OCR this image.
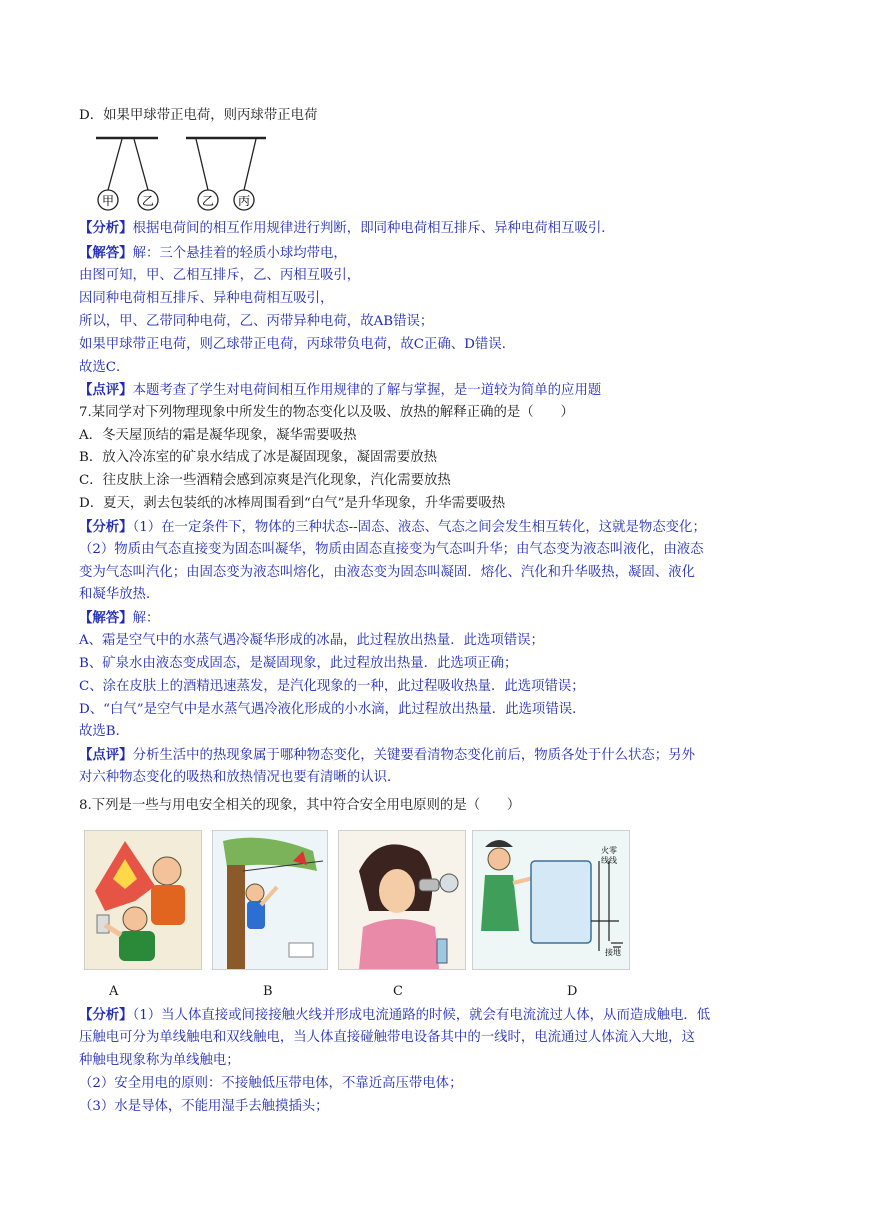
D．如果甲球带正电荷，则丙球带正电荷
甲 乙	乙 丙
【分析】根据电荷间的相互作用规律进行判断，即同种电荷相互排斥、异种电荷相互吸引．
【解答】解：三个悬挂着的轻质小球均带电，
由图可知，甲、乙相互排斥，乙、丙相互吸引，
因同种电荷相互排斥、异种电荷相互吸引，
所以，甲、乙带同种电荷，乙、丙带异种电荷，故AB错误；
如果甲球带正电荷，则乙球带正电荷，丙球带负电荷，故C正确、D错误．
故选C．
【点评】本题考查了学生对电荷间相互作用规律的了解与掌握，是一道较为简单的应用题
7.某同学对下列物理现象中所发生的物态变化以及吸、放热的解释正确的是（　　）
A．冬天屋顶结的霜是凝华现象，凝华需要吸热
B．放入冷冻室的矿泉水结成了冰是凝固现象，凝固需要放热
C．往皮肤上涂一些酒精会感到凉爽是汽化现象，汽化需要放热
D．夏天，剥去包装纸的冰棒周围看到“白气”是升华现象，升华需要吸热
【分析】（1）在一定条件下，物体的三种状态--固态、液态、气态之间会发生相互转化，这就是物态变化；
（2）物质由气态直接变为固态叫凝华，物质由固态直接变为气态叫升华；由气态变为液态叫液化，由液态
变为气态叫汽化；由固态变为液态叫熔化，由液态变为固态叫凝固．熔化、汽化和升华吸热，凝固、液化
和凝华放热．
【解答】解：
A、霜是空气中的水蒸气遇冷凝华形成的冰晶，此过程放出热量．此选项错误；
B、矿泉水由液态变成固态，是凝固现象，此过程放出热量．此选项正确；
C、涂在皮肤上的酒精迅速蒸发，是汽化现象的一种，此过程吸收热量．此选项错误；
D、“白气”是空气中是水蒸气遇冷液化形成的小水滴，此过程放出热量．此选项错误．
故选B．
【点评】分析生活中的热现象属于哪种物态变化，关键要看清物态变化前后，物质各处于什么状态；另外
对六种物态变化的吸热和放热情况也要有清晰的认识．
8.下列是一些与用电安全相关的现象，其中符合安全用电原则的是（　　）
火零
线线
接地
A	B	C	D
【分析】（1）当人体直接或间接接触火线并形成电流通路的时候，就会有电流流过人体，从而造成触电．低
压触电可分为单线触电和双线触电，当人体直接碰触带电设备其中的一线时，电流通过人体流入大地，这
种触电现象称为单线触电；
（2）安全用电的原则：不接触低压带电体，不靠近高压带电体；
（3）水是导体，不能用湿手去触摸插头；
